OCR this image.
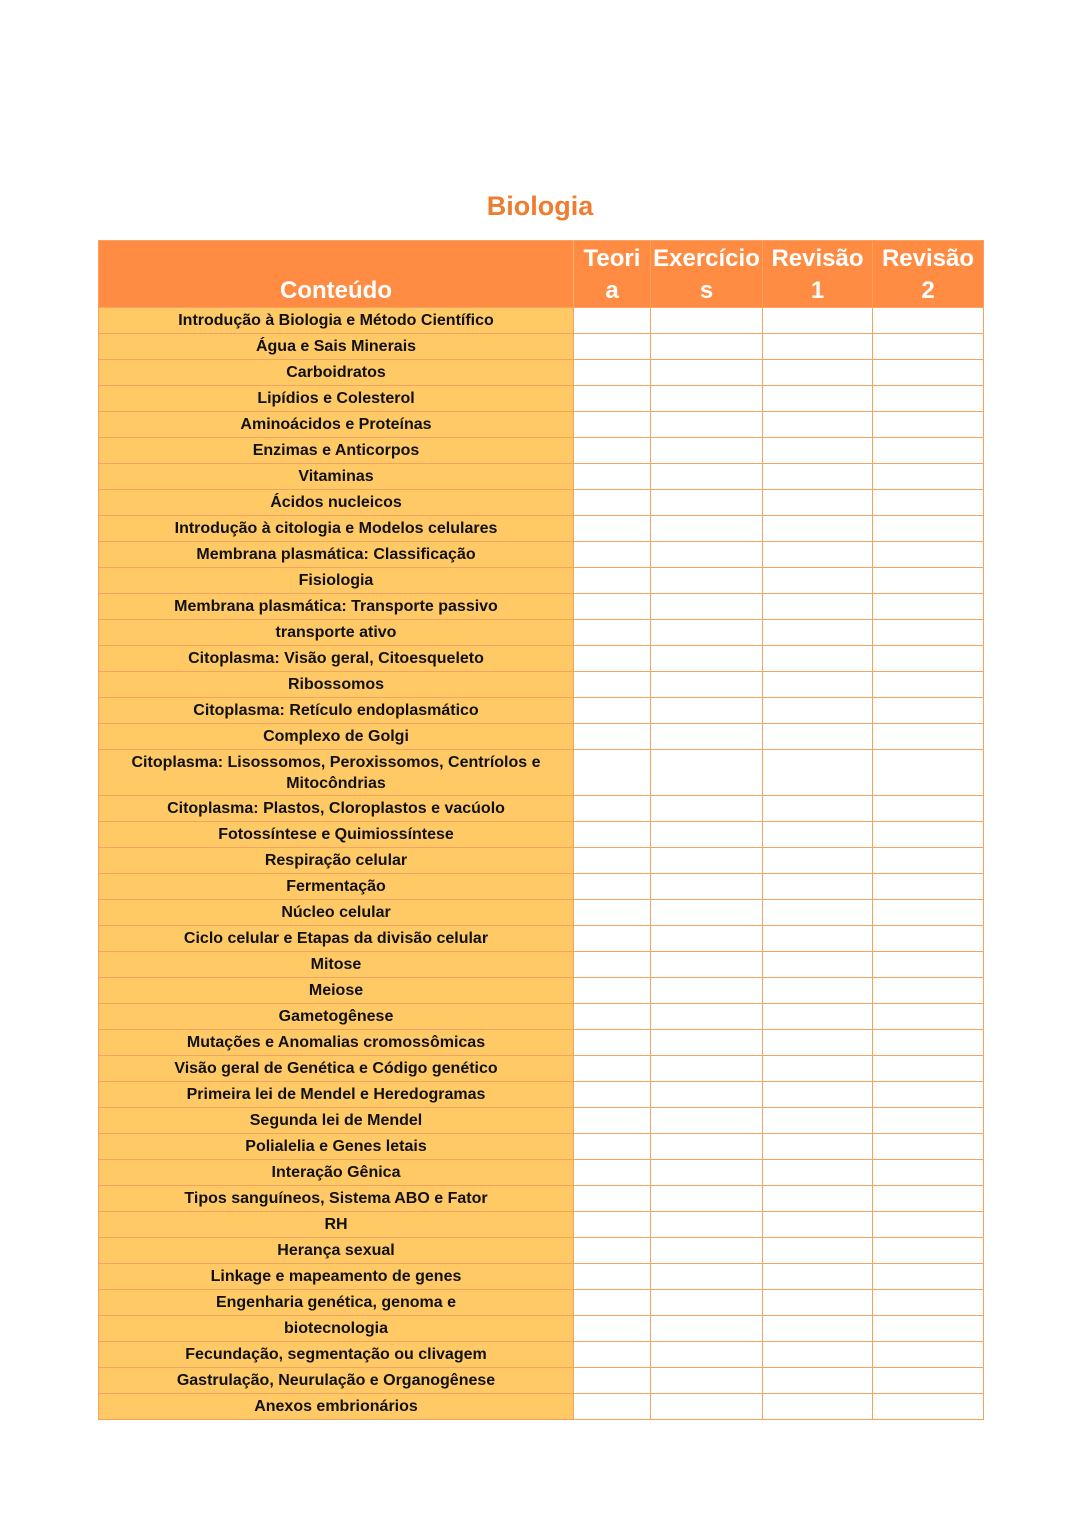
Biologia
Conteúdo	Teori a	Exercício s	Revisão 1	Revisão 2
Introdução à Biologia e Método Científico				
Água e Sais Minerais				
Carboidratos				
Lipídios e Colesterol				
Aminoácidos e Proteínas				
Enzimas e Anticorpos				
Vitaminas				
Ácidos nucleicos				
Introdução à citologia e Modelos celulares				
Membrana plasmática: Classificação				
Fisiologia				
Membrana plasmática: Transporte passivo				
transporte ativo				
Citoplasma: Visão geral, Citoesqueleto				
Ribossomos				
Citoplasma: Retículo endoplasmático				
Complexo de Golgi				
Citoplasma: Lisossomos, Peroxissomos, Centríolos e Mitocôndrias				
Citoplasma: Plastos, Cloroplastos e vacúolo				
Fotossíntese e Quimiossíntese				
Respiração celular				
Fermentação				
Núcleo celular				
Ciclo celular e Etapas da divisão celular				
Mitose				
Meiose				
Gametogênese				
Mutações e Anomalias cromossômicas				
Visão geral de Genética e Código genético				
Primeira lei de Mendel e Heredogramas				
Segunda lei de Mendel				
Polialelia e Genes letais				
Interação Gênica				
Tipos sanguíneos, Sistema ABO e Fator				
RH				
Herança sexual				
Linkage e mapeamento de genes				
Engenharia genética, genoma e				
biotecnologia				
Fecundação, segmentação ou clivagem				
Gastrulação, Neurulação e Organogênese				
Anexos embrionários				
